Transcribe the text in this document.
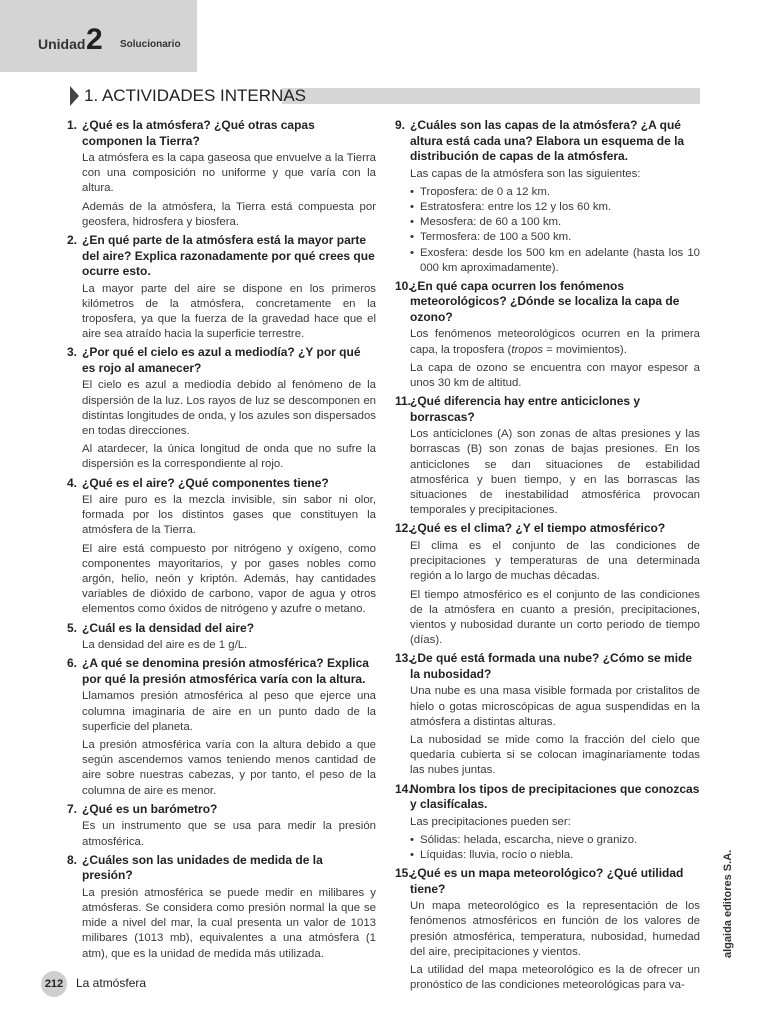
Unidad 2 Solucionario
1. ACTIVIDADES INTERNAS
1. ¿Qué es la atmósfera? ¿Qué otras capas componen la Tierra?

La atmósfera es la capa gaseosa que envuelve a la Tierra con una composición no uniforme y que varía con la altura.

Además de la atmósfera, la Tierra está compuesta por geosfera, hidrosfera y biosfera.

2. ¿En qué parte de la atmósfera está la mayor parte del aire? Explica razonadamente por qué crees que ocurre esto.

La mayor parte del aire se dispone en los primeros kilómetros de la atmósfera, concretamente en la troposfera, ya que la fuerza de la gravedad hace que el aire sea atraído hacia la superficie terrestre.

3. ¿Por qué el cielo es azul a mediodía? ¿Y por qué es rojo al amanecer?

El cielo es azul a mediodía debido al fenómeno de la dispersión de la luz. Los rayos de luz se descomponen en distintas longitudes de onda, y los azules son dispersados en todas direcciones.

Al atardecer, la única longitud de onda que no sufre la dispersión es la correspondiente al rojo.

4. ¿Qué es el aire? ¿Qué componentes tiene?

El aire puro es la mezcla invisible, sin sabor ni olor, formada por los distintos gases que constituyen la atmósfera de la Tierra.

El aire está compuesto por nitrógeno y oxígeno, como componentes mayoritarios, y por gases nobles como argón, helio, neón y kriptón. Además, hay cantidades variables de dióxido de carbono, vapor de agua y otros elementos como óxidos de nitrógeno y azufre o metano.

5. ¿Cuál es la densidad del aire?

La densidad del aire es de 1 g/L.

6. ¿A qué se denomina presión atmosférica? Explica por qué la presión atmosférica varía con la altura.

Llamamos presión atmosférica al peso que ejerce una columna imaginaria de aire en un punto dado de la superficie del planeta.

La presión atmosférica varía con la altura debido a que según ascendemos vamos teniendo menos cantidad de aire sobre nuestras cabezas, y por tanto, el peso de la columna de aire es menor.

7. ¿Qué es un barómetro?

Es un instrumento que se usa para medir la presión atmosférica.

8. ¿Cuáles son las unidades de medida de la presión?

La presión atmosférica se puede medir en milibares y atmósferas. Se considera como presión normal la que se mide a nivel del mar, la cual presenta un valor de 1013 milibares (1013 mb), equivalentes a una atmósfera (1 atm), que es la unidad de medida más utilizada.

9. ¿Cuáles son las capas de la atmósfera? ¿A qué altura está cada una? Elabora un esquema de la distribución de capas de la atmósfera.

Las capas de la atmósfera son las siguientes:

• Troposfera: de 0 a 12 km.
• Estratosfera: entre los 12 y los 60 km.
• Mesosfera: de 60 a 100 km.
• Termosfera: de 100 a 500 km.
• Exosfera: desde los 500 km en adelante (hasta los 10 000 km aproximadamente).
10.¿En qué capa ocurren los fenómenos meteorológicos? ¿Dónde se localiza la capa de ozono?

Los fenómenos meteorológicos ocurren en la primera capa, la troposfera (tropos = movimientos).

La capa de ozono se encuentra con mayor espesor a unos 30 km de altitud.

11.¿Qué diferencia hay entre anticiclones y borrascas?

Los anticiclones (A) son zonas de altas presiones y las borrascas (B) son zonas de bajas presiones. En los anticiclones se dan situaciones de estabilidad atmosférica y buen tiempo, y en las borrascas las situaciones de inestabilidad atmosférica provocan temporales y precipitaciones.

12.¿Qué es el clima? ¿Y el tiempo atmosférico?

El clima es el conjunto de las condiciones de precipitaciones y temperaturas de una determinada región a lo largo de muchas décadas.

El tiempo atmosférico es el conjunto de las condiciones de la atmósfera en cuanto a presión, precipitaciones, vientos y nubosidad durante un corto periodo de tiempo (días).

13.¿De qué está formada una nube? ¿Cómo se mide la nubosidad?

Una nube es una masa visible formada por cristalitos de hielo o gotas microscópicas de agua suspendidas en la atmósfera a distintas alturas.

La nubosidad se mide como la fracción del cielo que quedaría cubierta si se colocan imaginariamente todas las nubes juntas.

14.Nombra los tipos de precipitaciones que conozcas y clasifícalas.

Las precipitaciones pueden ser:

• Sólidas: helada, escarcha, nieve o granizo.
• Líquidas: lluvia, rocío o niebla.
15.¿Qué es un mapa meteorológico? ¿Qué utilidad tiene?

Un mapa meteorológico es la representación de los fenómenos atmosféricos en función de los valores de presión atmosférica, temperatura, nubosidad, humedad del aire, precipitaciones y vientos.

La utilidad del mapa meteorológico es la de ofrecer un pronóstico de las condiciones meteorológicas para va-

algaida editores S.A.
212	La atmósfera
